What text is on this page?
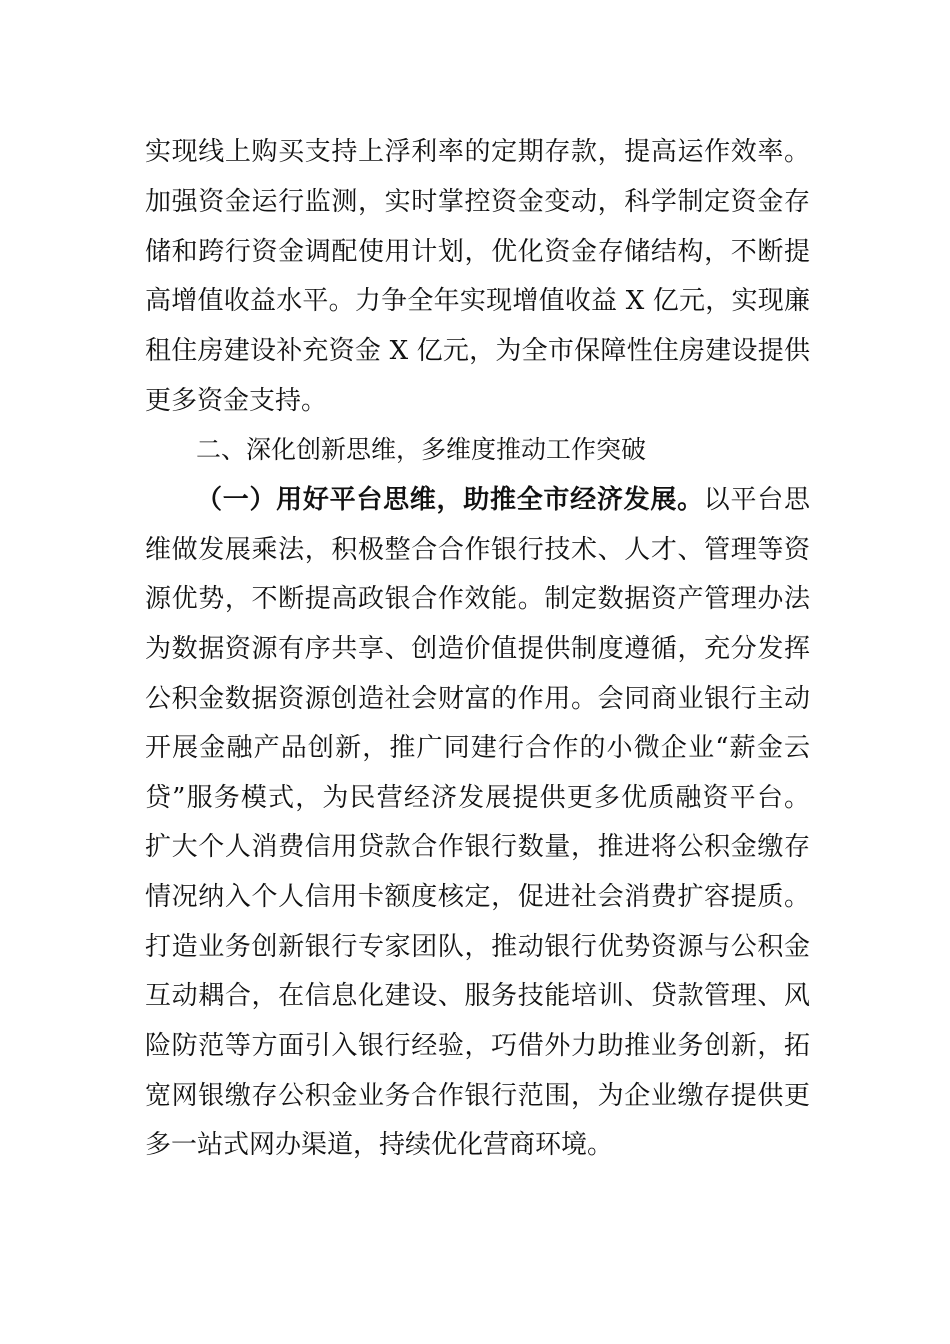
实现线上购买支持上浮利率的定期存款，提高运作效率。
加强资金运行监测，实时掌控资金变动，科学制定资金存
储和跨行资金调配使用计划，优化资金存储结构，不断提
高增值收益水平。力争全年实现增值收益 X 亿元，实现廉
租住房建设补充资金 X 亿元，为全市保障性住房建设提供
更多资金支持。
二、深化创新思维，多维度推动工作突破
（一）用好平台思维，助推全市经济发展。以平台思
维做发展乘法，积极整合合作银行技术、人才、管理等资
源优势，不断提高政银合作效能。制定数据资产管理办法
为数据资源有序共享、创造价值提供制度遵循，充分发挥
公积金数据资源创造社会财富的作用。会同商业银行主动
开展金融产品创新，推广同建行合作的小微企业“薪金云
贷”服务模式，为民营经济发展提供更多优质融资平台。
扩大个人消费信用贷款合作银行数量，推进将公积金缴存
情况纳入个人信用卡额度核定，促进社会消费扩容提质。
打造业务创新银行专家团队，推动银行优势资源与公积金
互动耦合，在信息化建设、服务技能培训、贷款管理、风
险防范等方面引入银行经验，巧借外力助推业务创新，拓
宽网银缴存公积金业务合作银行范围，为企业缴存提供更
多一站式网办渠道，持续优化营商环境。
